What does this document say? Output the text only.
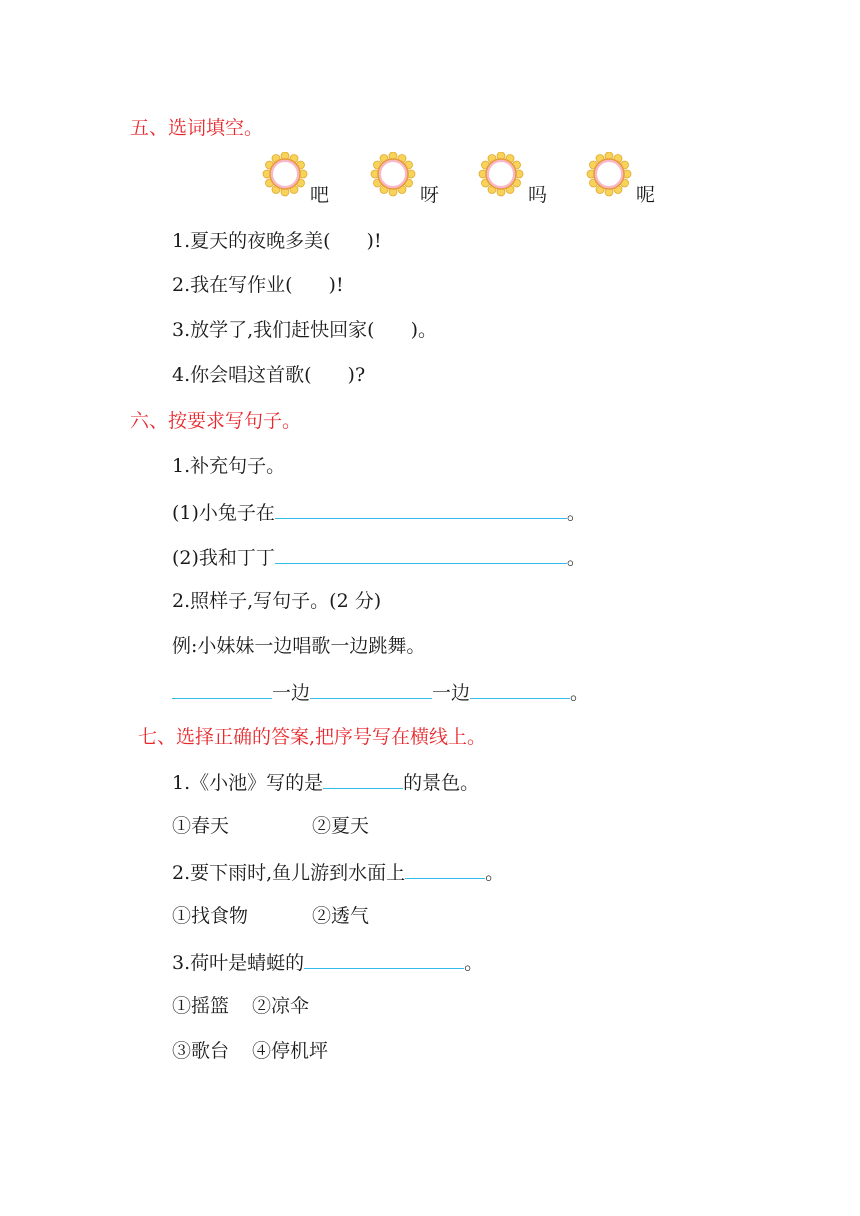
五、选词填空。
吧	呀	吗	呢
1.夏天的夜晚多美( )!
2.我在写作业( )!
3.放学了,我们赶快回家( )。
4.你会唱这首歌( )?
六、按要求写句子。
1.补充句子。
(1)小兔子在	。
(2)我和丁丁	。
2.照样子,写句子。(2 分)
例:小妹妹一边唱歌一边跳舞。
一边	一边	。
七、选择正确的答案,把序号写在横线上。
1.《小池》写的是	的景色。
①春天	②夏天
2.要下雨时,鱼儿游到水面上	。
①找食物	②透气
3.荷叶是蜻蜓的	。
①摇篮 ②凉伞
③歌台 ④停机坪
